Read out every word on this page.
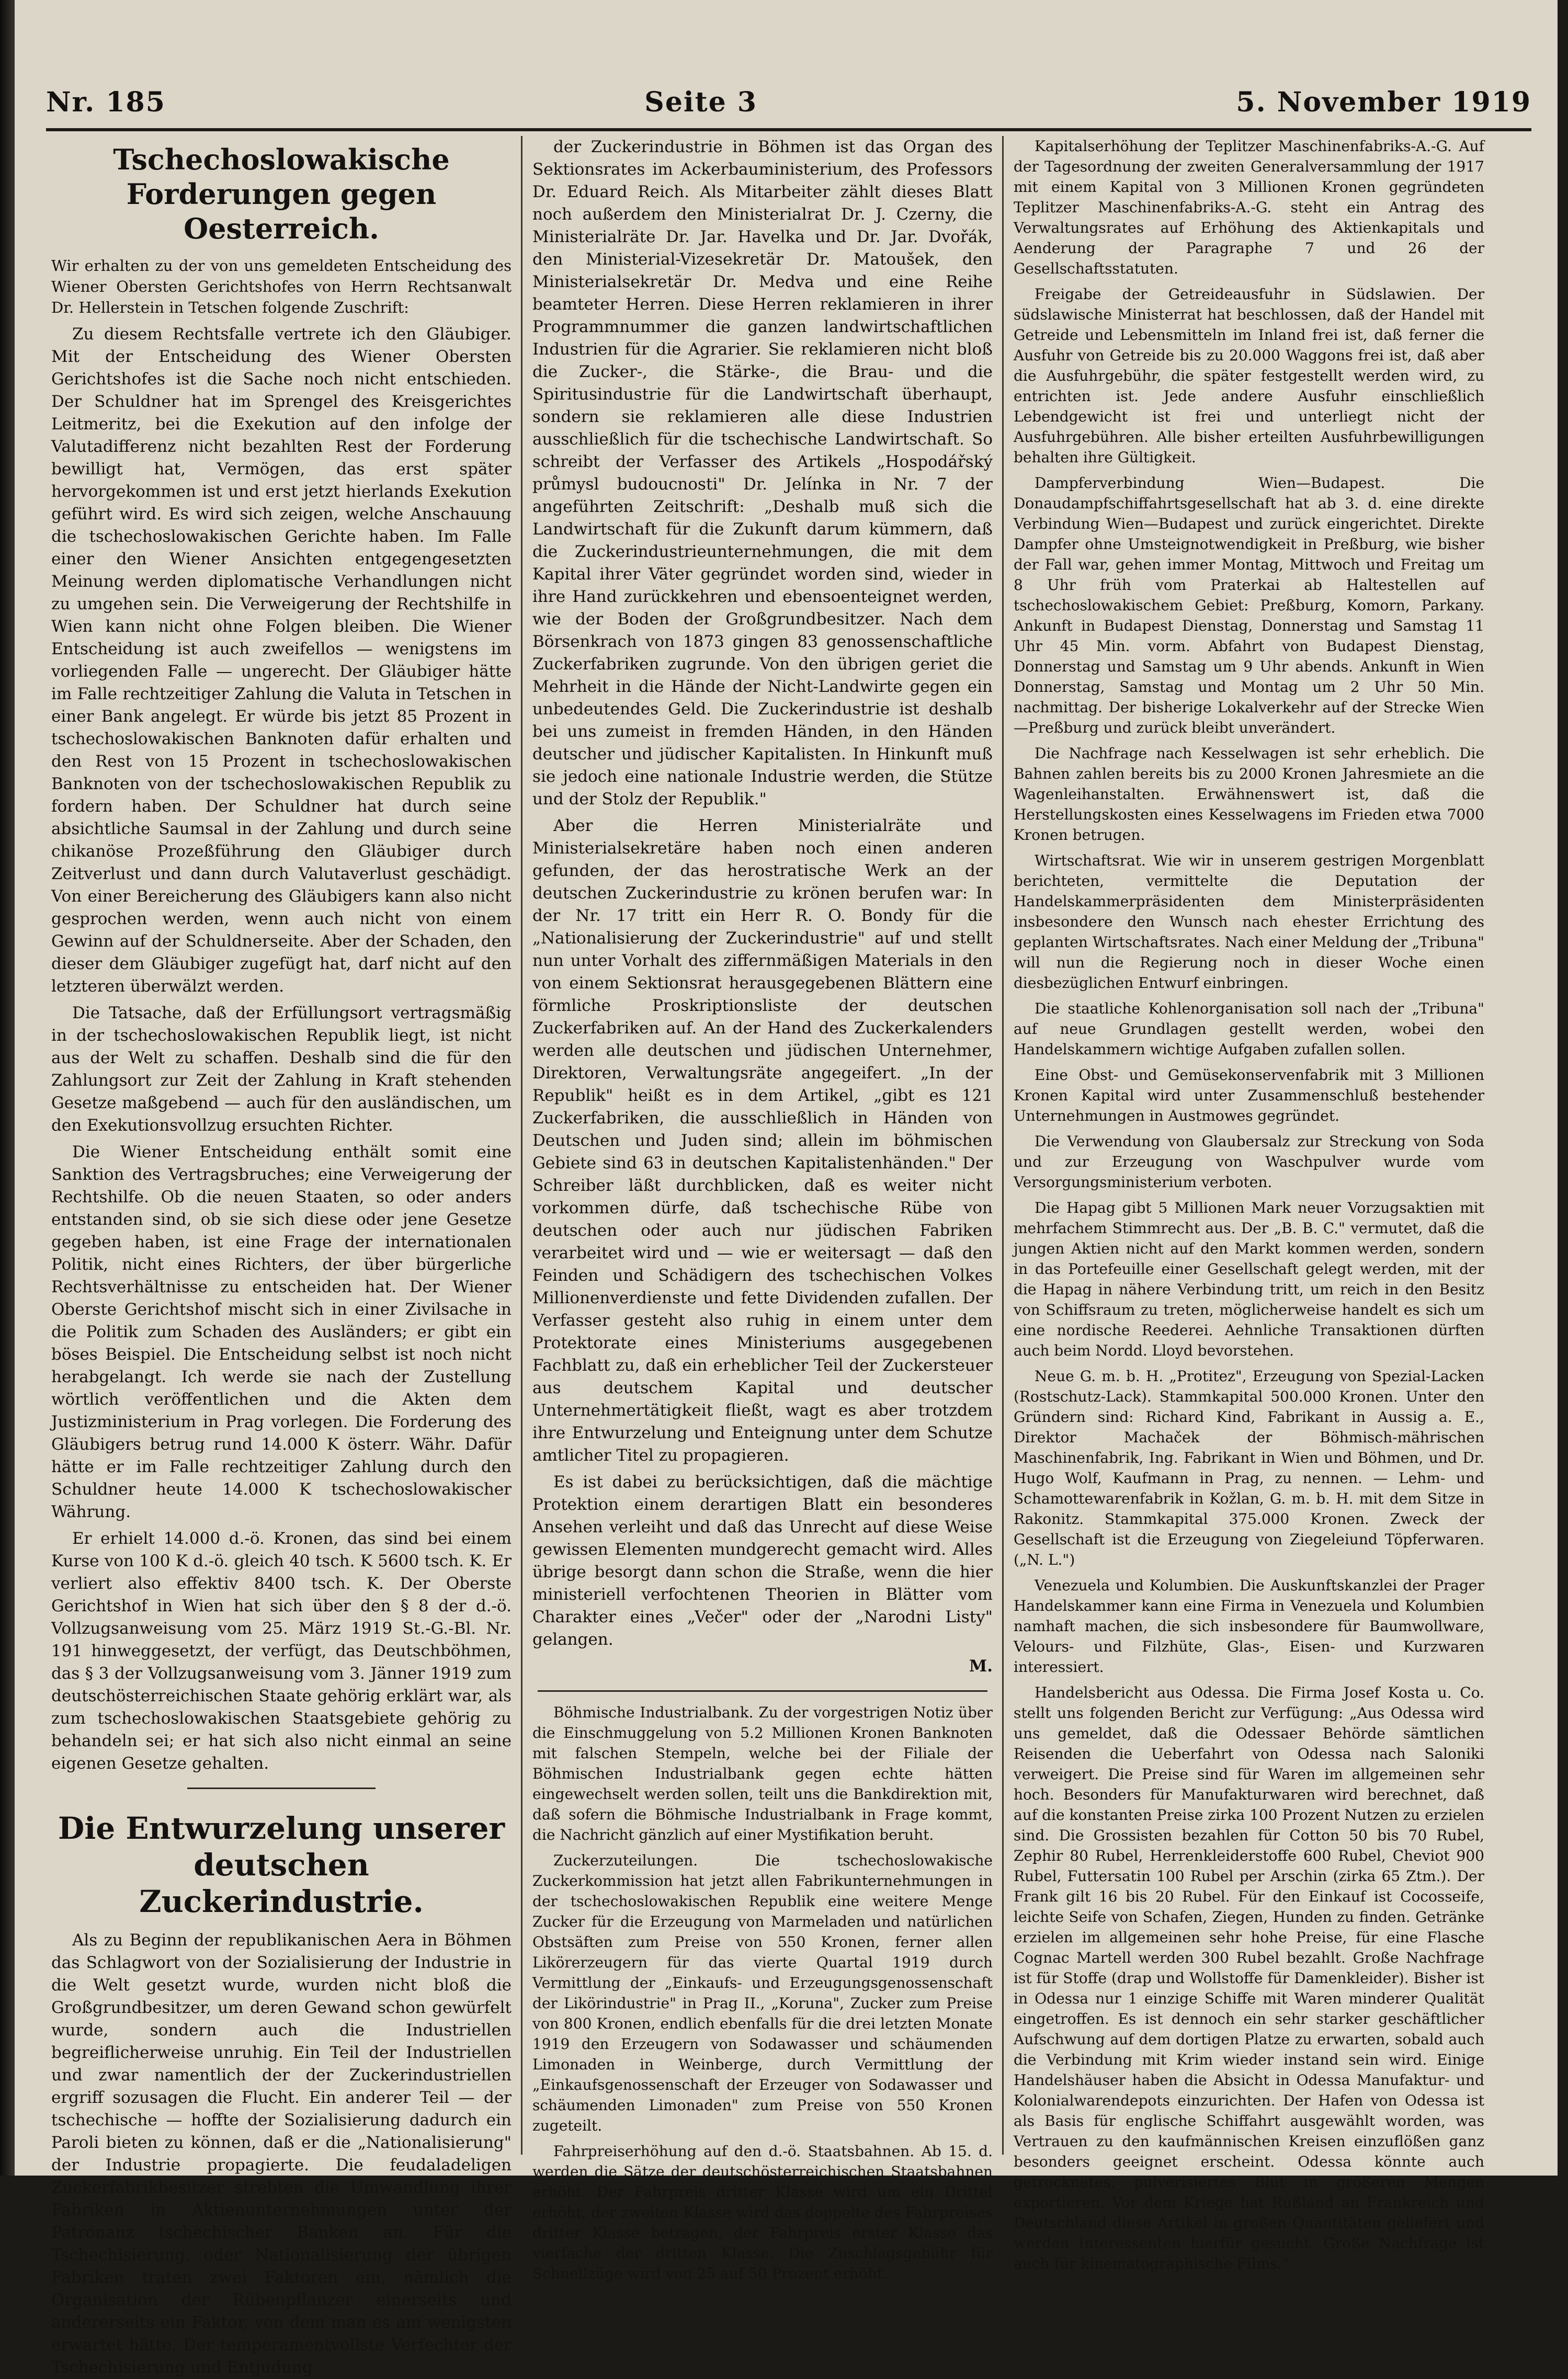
Nr. 185	Seite 3	5. November 1919
Tschechoslowakische Forderungen gegen Oesterreich.
Wir erhalten zu der von uns gemeldeten Entscheidung des Wiener Obersten Gerichtshofes von Herrn Rechtsanwalt Dr. Hellerstein in Tetschen folgende Zuschrift:

Zu diesem Rechtsfalle vertrete ich den Gläubiger. Mit der Entscheidung des Wiener Obersten Gerichtshofes ist die Sache noch nicht entschieden. Der Schuldner hat im Sprengel des Kreisgerichtes Leitmeritz, bei die Exekution auf den infolge der Valutadifferenz nicht bezahlten Rest der Forderung bewilligt hat, Vermögen, das erst später hervorgekommen ist und erst jetzt hierlands Exekution geführt wird. Es wird sich zeigen, welche Anschauung die tschechoslowakischen Gerichte haben. Im Falle einer den Wiener Ansichten entgegengesetzten Meinung werden diplomatische Verhandlungen nicht zu umgehen sein. Die Verweigerung der Rechtshilfe in Wien kann nicht ohne Folgen bleiben. Die Wiener Entscheidung ist auch zweifellos — wenigstens im vorliegenden Falle — ungerecht. Der Gläubiger hätte im Falle rechtzeitiger Zahlung die Valuta in Tetschen in einer Bank angelegt. Er würde bis jetzt 85 Prozent in tschechoslowakischen Banknoten dafür erhalten und den Rest von 15 Prozent in tschechoslowakischen Banknoten von der tschechoslowakischen Republik zu fordern haben. Der Schuldner hat durch seine absichtliche Saumsal in der Zahlung und durch seine chikanöse Prozeßführung den Gläubiger durch Zeitverlust und dann durch Valutaverlust geschädigt. Von einer Bereicherung des Gläubigers kann also nicht gesprochen werden, wenn auch nicht von einem Gewinn auf der Schuldnerseite. Aber der Schaden, den dieser dem Gläubiger zugefügt hat, darf nicht auf den letzteren überwälzt werden.

Die Tatsache, daß der Erfüllungsort vertragsmäßig in der tschechoslowakischen Republik liegt, ist nicht aus der Welt zu schaffen. Deshalb sind die für den Zahlungsort zur Zeit der Zahlung in Kraft stehenden Gesetze maßgebend — auch für den ausländischen, um den Exekutionsvollzug ersuchten Richter.

Die Wiener Entscheidung enthält somit eine Sanktion des Vertragsbruches; eine Verweigerung der Rechtshilfe. Ob die neuen Staaten, so oder anders entstanden sind, ob sie sich diese oder jene Gesetze gegeben haben, ist eine Frage der internationalen Politik, nicht eines Richters, der über bürgerliche Rechtsverhältnisse zu entscheiden hat. Der Wiener Oberste Gerichtshof mischt sich in einer Zivilsache in die Politik zum Schaden des Ausländers; er gibt ein böses Beispiel. Die Entscheidung selbst ist noch nicht herabgelangt. Ich werde sie nach der Zustellung wörtlich veröffentlichen und die Akten dem Justizministerium in Prag vorlegen. Die Forderung des Gläubigers betrug rund 14.000 K österr. Währ. Dafür hätte er im Falle rechtzeitiger Zahlung durch den Schuldner heute 14.000 K tschechoslowakischer Währung.

Er erhielt 14.000 d.-ö. Kronen, das sind bei einem Kurse von 100 K d.-ö. gleich 40 tsch. K 5600 tsch. K. Er verliert also effektiv 8400 tsch. K. Der Oberste Gerichtshof in Wien hat sich über den § 8 der d.-ö. Vollzugsanweisung vom 25. März 1919 St.-G.-Bl. Nr. 191 hinweggesetzt, der verfügt, das Deutschböhmen, das § 3 der Vollzugsanweisung vom 3. Jänner 1919 zum deutschösterreichischen Staate gehörig erklärt war, als zum tschechoslowakischen Staatsgebiete gehörig zu behandeln sei; er hat sich also nicht einmal an seine eigenen Gesetze gehalten.

Die Entwurzelung unserer deutschen Zuckerindustrie.

Als zu Beginn der republikanischen Aera in Böhmen das Schlagwort von der Sozialisierung der Industrie in die Welt gesetzt wurde, wurden nicht bloß die Großgrundbesitzer, um deren Gewand schon gewürfelt wurde, sondern auch die Industriellen begreiflicherweise unruhig. Ein Teil der Industriellen und zwar namentlich der der Zuckerindustriellen ergriff sozusagen die Flucht. Ein anderer Teil — der tschechische — hoffte der Sozialisierung dadurch ein Paroli bieten zu können, daß er die „Nationalisierung" der Industrie propagierte. Die feudaladeligen Zuckerfabrikbesitzer strebten die Umwandlung ihrer Fabriken in Aktienunternehmungen unter der Patronanz tschechischer Banken an. Für die Tschechisierung, oder Nationalisierung der übrigen Fabriken traten zwei Faktoren ein, nämlich die Organisation der Rübenpflanzer einerseits und andererseits ein Faktor, von dem man es am wenigsten erwartet hätte. Der temperamentvollste Verfechter der Tschechisierung und Entjudung

der Zuckerindustrie in Böhmen ist das Organ des Sektionsrates im Ackerbauministerium, des Professors Dr. Eduard Reich. Als Mitarbeiter zählt dieses Blatt noch außerdem den Ministerialrat Dr. J. Czerny, die Ministerialräte Dr. Jar. Havelka und Dr. Jar. Dvořák, den Ministerial-Vizesekretär Dr. Matoušek, den Ministerialsekretär Dr. Medva und eine Reihe beamteter Herren. Diese Herren reklamieren in ihrer Programmnummer die ganzen landwirtschaftlichen Industrien für die Agrarier. Sie reklamieren nicht bloß die Zucker-, die Stärke-, die Brau- und die Spiritusindustrie für die Landwirtschaft überhaupt, sondern sie reklamieren alle diese Industrien ausschließlich für die tschechische Landwirtschaft. So schreibt der Verfasser des Artikels „Hospodářský průmysl budoucnosti" Dr. Jelínka in Nr. 7 der angeführten Zeitschrift: „Deshalb muß sich die Landwirtschaft für die Zukunft darum kümmern, daß die Zuckerindustrieunternehmungen, die mit dem Kapital ihrer Väter gegründet worden sind, wieder in ihre Hand zurückkehren und ebensoenteignet werden, wie der Boden der Großgrundbesitzer. Nach dem Börsenkrach von 1873 gingen 83 genossenschaftliche Zuckerfabriken zugrunde. Von den übrigen geriet die Mehrheit in die Hände der Nicht-Landwirte gegen ein unbedeutendes Geld. Die Zuckerindustrie ist deshalb bei uns zumeist in fremden Händen, in den Händen deutscher und jüdischer Kapitalisten. In Hinkunft muß sie jedoch eine nationale Industrie werden, die Stütze und der Stolz der Republik."

Aber die Herren Ministerialräte und Ministerialsekretäre haben noch einen anderen gefunden, der das herostratische Werk an der deutschen Zuckerindustrie zu krönen berufen war: In der Nr. 17 tritt ein Herr R. O. Bondy für die „Nationalisierung der Zuckerindustrie" auf und stellt nun unter Vorhalt des ziffernmäßigen Materials in den von einem Sektionsrat herausgegebenen Blättern eine förmliche Proskriptionsliste der deutschen Zuckerfabriken auf. An der Hand des Zuckerkalenders werden alle deutschen und jüdischen Unternehmer, Direktoren, Verwaltungsräte angegeifert. „In der Republik" heißt es in dem Artikel, „gibt es 121 Zuckerfabriken, die ausschließlich in Händen von Deutschen und Juden sind; allein im böhmischen Gebiete sind 63 in deutschen Kapitalistenhänden." Der Schreiber läßt durchblicken, daß es weiter nicht vorkommen dürfe, daß tschechische Rübe von deutschen oder auch nur jüdischen Fabriken verarbeitet wird und — wie er weitersagt — daß den Feinden und Schädigern des tschechischen Volkes Millionenverdienste und fette Dividenden zufallen. Der Verfasser gesteht also ruhig in einem unter dem Protektorate eines Ministeriums ausgegebenen Fachblatt zu, daß ein erheblicher Teil der Zuckersteuer aus deutschem Kapital und deutscher Unternehmertätigkeit fließt, wagt es aber trotzdem ihre Entwurzelung und Enteignung unter dem Schutze amtlicher Titel zu propagieren.

Es ist dabei zu berücksichtigen, daß die mächtige Protektion einem derartigen Blatt ein besonderes Ansehen verleiht und daß das Unrecht auf diese Weise gewissen Elementen mundgerecht gemacht wird. Alles übrige besorgt dann schon die Straße, wenn die hier ministeriell verfochtenen Theorien in Blätter vom Charakter eines „Večer" oder der „Narodni Listy" gelangen.

M.
Böhmische Industrialbank. Zu der vorgestrigen Notiz über die Einschmuggelung von 5.2 Millionen Kronen Banknoten mit falschen Stempeln, welche bei der Filiale der Böhmischen Industrialbank gegen echte hätten eingewechselt werden sollen, teilt uns die Bankdirektion mit, daß sofern die Böhmische Industrialbank in Frage kommt, die Nachricht gänzlich auf einer Mystifikation beruht.
Zuckerzuteilungen. Die tschechoslowakische Zuckerkommission hat jetzt allen Fabrikunternehmungen in der tschechoslowakischen Republik eine weitere Menge Zucker für die Erzeugung von Marmeladen und natürlichen Obstsäften zum Preise von 550 Kronen, ferner allen Likörerzeugern für das vierte Quartal 1919 durch Vermittlung der „Einkaufs- und Erzeugungsgenossenschaft der Likörindustrie" in Prag II., „Koruna", Zucker zum Preise von 800 Kronen, endlich ebenfalls für die drei letzten Monate 1919 den Erzeugern von Sodawasser und schäumenden Limonaden in Weinberge, durch Vermittlung der „Einkaufsgenossenschaft der Erzeuger von Sodawasser und schäumenden Limonaden" zum Preise von 550 Kronen zugeteilt.
Fahrpreiserhöhung auf den d.-ö. Staatsbahnen. Ab 15. d. werden die Sätze der deutschösterreichischen Staatsbahnen erhöht. Der Fahrpreis dritter Klasse wird um ein Drittel erhöht, der zweiten Klasse wird das doppelte des Fahrpreises dritter Klasse betragen, der Fahrpreis erster Klasse das vierfache der dritten Klasse. Die Zuschlagsgebühr für Schnellzüge wird von 25 auf 50 Prozent erhöht.
Kapitalserhöhung der Teplitzer Maschinenfabriks-A.-G. Auf der Tagesordnung der zweiten Generalversammlung der 1917 mit einem Kapital von 3 Millionen Kronen gegründeten Teplitzer Maschinenfabriks-A.-G. steht ein Antrag des Verwaltungsrates auf Erhöhung des Aktienkapitals und Aenderung der Paragraphe 7 und 26 der Gesellschaftsstatuten.
Freigabe der Getreideausfuhr in Südslawien. Der südslawische Ministerrat hat beschlossen, daß der Handel mit Getreide und Lebensmitteln im Inland frei ist, daß ferner die Ausfuhr von Getreide bis zu 20.000 Waggons frei ist, daß aber die Ausfuhrgebühr, die später festgestellt werden wird, zu entrichten ist. Jede andere Ausfuhr einschließlich Lebendgewicht ist frei und unterliegt nicht der Ausfuhrgebühren. Alle bisher erteilten Ausfuhrbewilligungen behalten ihre Gültigkeit.
Dampferverbindung Wien—Budapest. Die Donaudampfschiffahrtsgesellschaft hat ab 3. d. eine direkte Verbindung Wien—Budapest und zurück eingerichtet. Direkte Dampfer ohne Umsteignotwendigkeit in Preßburg, wie bisher der Fall war, gehen immer Montag, Mittwoch und Freitag um 8 Uhr früh vom Praterkai ab Haltestellen auf tschechoslowakischem Gebiet: Preßburg, Komorn, Parkany. Ankunft in Budapest Dienstag, Donnerstag und Samstag 11 Uhr 45 Min. vorm. Abfahrt von Budapest Dienstag, Donnerstag und Samstag um 9 Uhr abends. Ankunft in Wien Donnerstag, Samstag und Montag um 2 Uhr 50 Min. nachmittag. Der bisherige Lokalverkehr auf der Strecke Wien—Preßburg und zurück bleibt unverändert.
Die Nachfrage nach Kesselwagen ist sehr erheblich. Die Bahnen zahlen bereits bis zu 2000 Kronen Jahresmiete an die Wagenleihanstalten. Erwähnenswert ist, daß die Herstellungskosten eines Kesselwagens im Frieden etwa 7000 Kronen betrugen.
Wirtschaftsrat. Wie wir in unserem gestrigen Morgenblatt berichteten, vermittelte die Deputation der Handelskammerpräsidenten dem Ministerpräsidenten insbesondere den Wunsch nach ehester Errichtung des geplanten Wirtschaftsrates. Nach einer Meldung der „Tribuna" will nun die Regierung noch in dieser Woche einen diesbezüglichen Entwurf einbringen.
Die staatliche Kohlenorganisation soll nach der „Tribuna" auf neue Grundlagen gestellt werden, wobei den Handelskammern wichtige Aufgaben zufallen sollen.
Eine Obst- und Gemüsekonservenfabrik mit 3 Millionen Kronen Kapital wird unter Zusammenschluß bestehender Unternehmungen in Austmowes gegründet.
Die Verwendung von Glaubersalz zur Streckung von Soda und zur Erzeugung von Waschpulver wurde vom Versorgungsministerium verboten.
Die Hapag gibt 5 Millionen Mark neuer Vorzugsaktien mit mehrfachem Stimmrecht aus. Der „B. B. C." vermutet, daß die jungen Aktien nicht auf den Markt kommen werden, sondern in das Portefeuille einer Gesellschaft gelegt werden, mit der die Hapag in nähere Verbindung tritt, um reich in den Besitz von Schiffsraum zu treten, möglicherweise handelt es sich um eine nordische Reederei. Aehnliche Transaktionen dürften auch beim Nordd. Lloyd bevorstehen.
Neue G. m. b. H. „Protitez", Erzeugung von Spezial-Lacken (Rostschutz-Lack). Stammkapital 500.000 Kronen. Unter den Gründern sind: Richard Kind, Fabrikant in Aussig a. E., Direktor Machaček der Böhmisch-mährischen Maschinenfabrik, Ing. Fabrikant in Wien und Böhmen, und Dr. Hugo Wolf, Kaufmann in Prag, zu nennen. — Lehm- und Schamottewarenfabrik in Kožlan, G. m. b. H. mit dem Sitze in Rakonitz. Stammkapital 375.000 Kronen. Zweck der Gesellschaft ist die Erzeugung von Ziegeleiund Töpferwaren. („N. L.")
Venezuela und Kolumbien. Die Auskunftskanzlei der Prager Handelskammer kann eine Firma in Venezuela und Kolumbien namhaft machen, die sich insbesondere für Baumwollware, Velours- und Filzhüte, Glas-, Eisen- und Kurzwaren interessiert.
Handelsbericht aus Odessa. Die Firma Josef Kosta u. Co. stellt uns folgenden Bericht zur Verfügung: „Aus Odessa wird uns gemeldet, daß die Odessaer Behörde sämtlichen Reisenden die Ueberfahrt von Odessa nach Saloniki verweigert. Die Preise sind für Waren im allgemeinen sehr hoch. Besonders für Manufakturwaren wird berechnet, daß auf die konstanten Preise zirka 100 Prozent Nutzen zu erzielen sind. Die Grossisten bezahlen für Cotton 50 bis 70 Rubel, Zephir 80 Rubel, Herrenkleiderstoffe 600 Rubel, Cheviot 900 Rubel, Futtersatin 100 Rubel per Arschin (zirka 65 Ztm.). Der Frank gilt 16 bis 20 Rubel. Für den Einkauf ist Cocosseife, leichte Seife von Schafen, Ziegen, Hunden zu finden. Getränke erzielen im allgemeinen sehr hohe Preise, für eine Flasche Cognac Martell werden 300 Rubel bezahlt. Große Nachfrage ist für Stoffe (drap und Wollstoffe für Damenkleider). Bisher ist in Odessa nur 1 einzige Schiffe mit Waren minderer Qualität eingetroffen. Es ist dennoch ein sehr starker geschäftlicher Aufschwung auf dem dortigen Platze zu erwarten, sobald auch die Verbindung mit Krim wieder instand sein wird. Einige Handelshäuser haben die Absicht in Odessa Manufaktur- und Kolonialwarendepots einzurichten. Der Hafen von Odessa ist als Basis für englische Schiffahrt ausgewählt worden, was Vertrauen zu den kaufmännischen Kreisen einzuflößen ganz besonders geeignet erscheint. Odessa könnte auch getrocknetes, pulverisiertes Blut in größeren Mengen exportieren. Vor dem Kriege hat Rußland an Frankreich und Deutschland diese Artikel in großen Quantitäten geliefert und werden Interessenten hierfür gesucht. Große Nachfrage ist auch für kinematographische Films."
